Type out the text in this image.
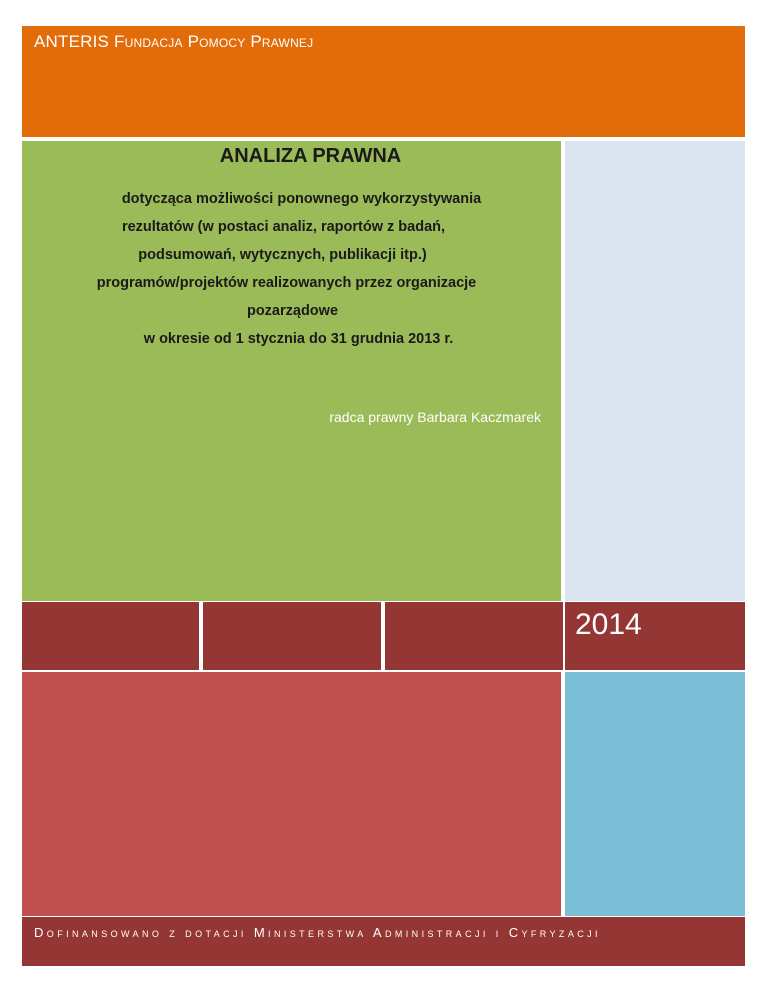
ANTERIS Fundacja Pomocy Prawnej
ANALIZA PRAWNA
dotycząca możliwości ponownego wykorzystywania
rezultatów (w postaci analiz, raportów z badań,
podsumowań, wytycznych, publikacji itp.)
programów/projektów realizowanych przez organizacje
pozarządowe
w okresie od 1 stycznia do 31 grudnia 2013 r.
radca prawny Barbara Kaczmarek
2014
Dofinansowano z dotacji Ministerstwa Administracji i Cyfryzacji
